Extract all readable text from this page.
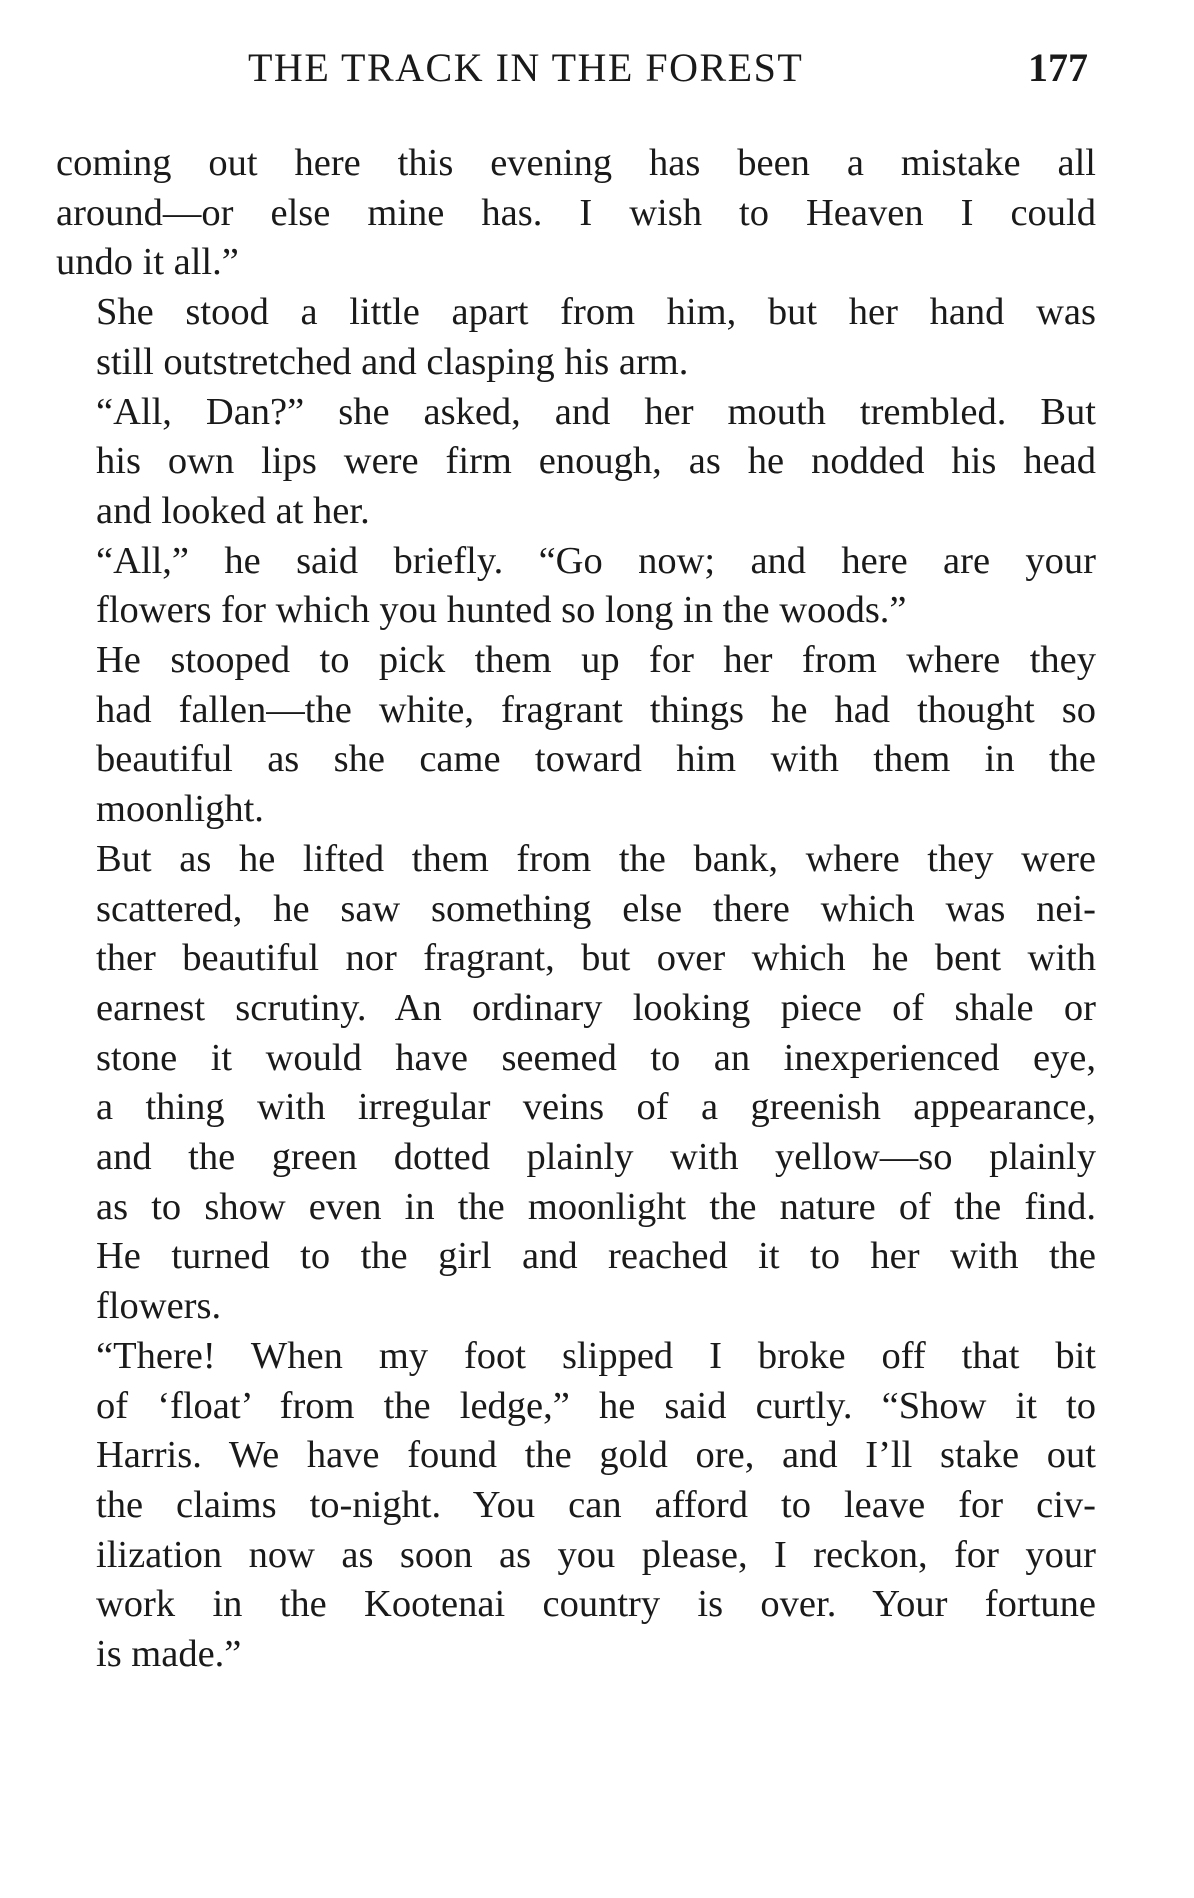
THE TRACK IN THE FOREST	177

coming out here this evening has been a mistake all
around—or else mine has. I wish to Heaven I could
undo it all.”

She stood a little apart from him, but her hand was
still outstretched and clasping his arm.

“All, Dan?” she asked, and her mouth trembled. But
his own lips were firm enough, as he nodded his head
and looked at her.

“All,” he said briefly. “Go now; and here are your
flowers for which you hunted so long in the woods.”

He stooped to pick them up for her from where they
had fallen—the white, fragrant things he had thought so
beautiful as she came toward him with them in the
moonlight.

But as he lifted them from the bank, where they were
scattered, he saw something else there which was nei-
ther beautiful nor fragrant, but over which he bent with
earnest scrutiny. An ordinary looking piece of shale or
stone it would have seemed to an inexperienced eye,
a thing with irregular veins of a greenish appearance,
and the green dotted plainly with yellow—so plainly
as to show even in the moonlight the nature of the find.

He turned to the girl and reached it to her with the
flowers.

“There! When my foot slipped I broke off that bit
of ‘float’ from the ledge,” he said curtly. “Show it to
Harris. We have found the gold ore, and I’ll stake out
the claims to-night. You can afford to leave for civ-
ilization now as soon as you please, I reckon, for your
work in the Kootenai country is over. Your fortune
is made.”
